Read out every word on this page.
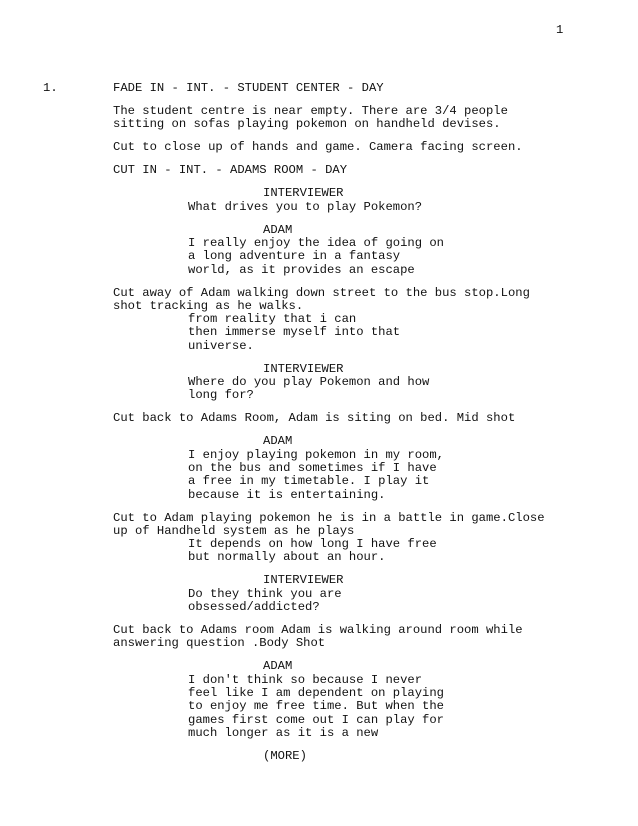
1
1.	FADE IN - INT. - STUDENT CENTER - DAY
The student centre is near empty. There are 3/4 people
sitting on sofas playing pokemon on handheld devises.
Cut to close up of hands and game. Camera facing screen.
CUT IN - INT. - ADAMS ROOM - DAY
INTERVIEWER
What drives you to play Pokemon?
ADAM
I really enjoy the idea of going on
a long adventure in a fantasy
world, as it provides an escape
Cut away of Adam walking down street to the bus stop.Long
shot tracking as he walks.
from reality that i can
then immerse myself into that
universe.
INTERVIEWER
Where do you play Pokemon and how
long for?
Cut back to Adams Room, Adam is siting on bed. Mid shot
ADAM
I enjoy playing pokemon in my room,
on the bus and sometimes if I have
a free in my timetable. I play it
because it is entertaining.
Cut to Adam playing pokemon he is in a battle in game.Close
up of Handheld system as he plays
It depends on how long I have free
but normally about an hour.
INTERVIEWER
Do they think you are
obsessed/addicted?
Cut back to Adams room Adam is walking around room while
answering question .Body Shot
ADAM
I don't think so because I never
feel like I am dependent on playing
to enjoy me free time. But when the
games first come out I can play for
much longer as it is a new
(MORE)
